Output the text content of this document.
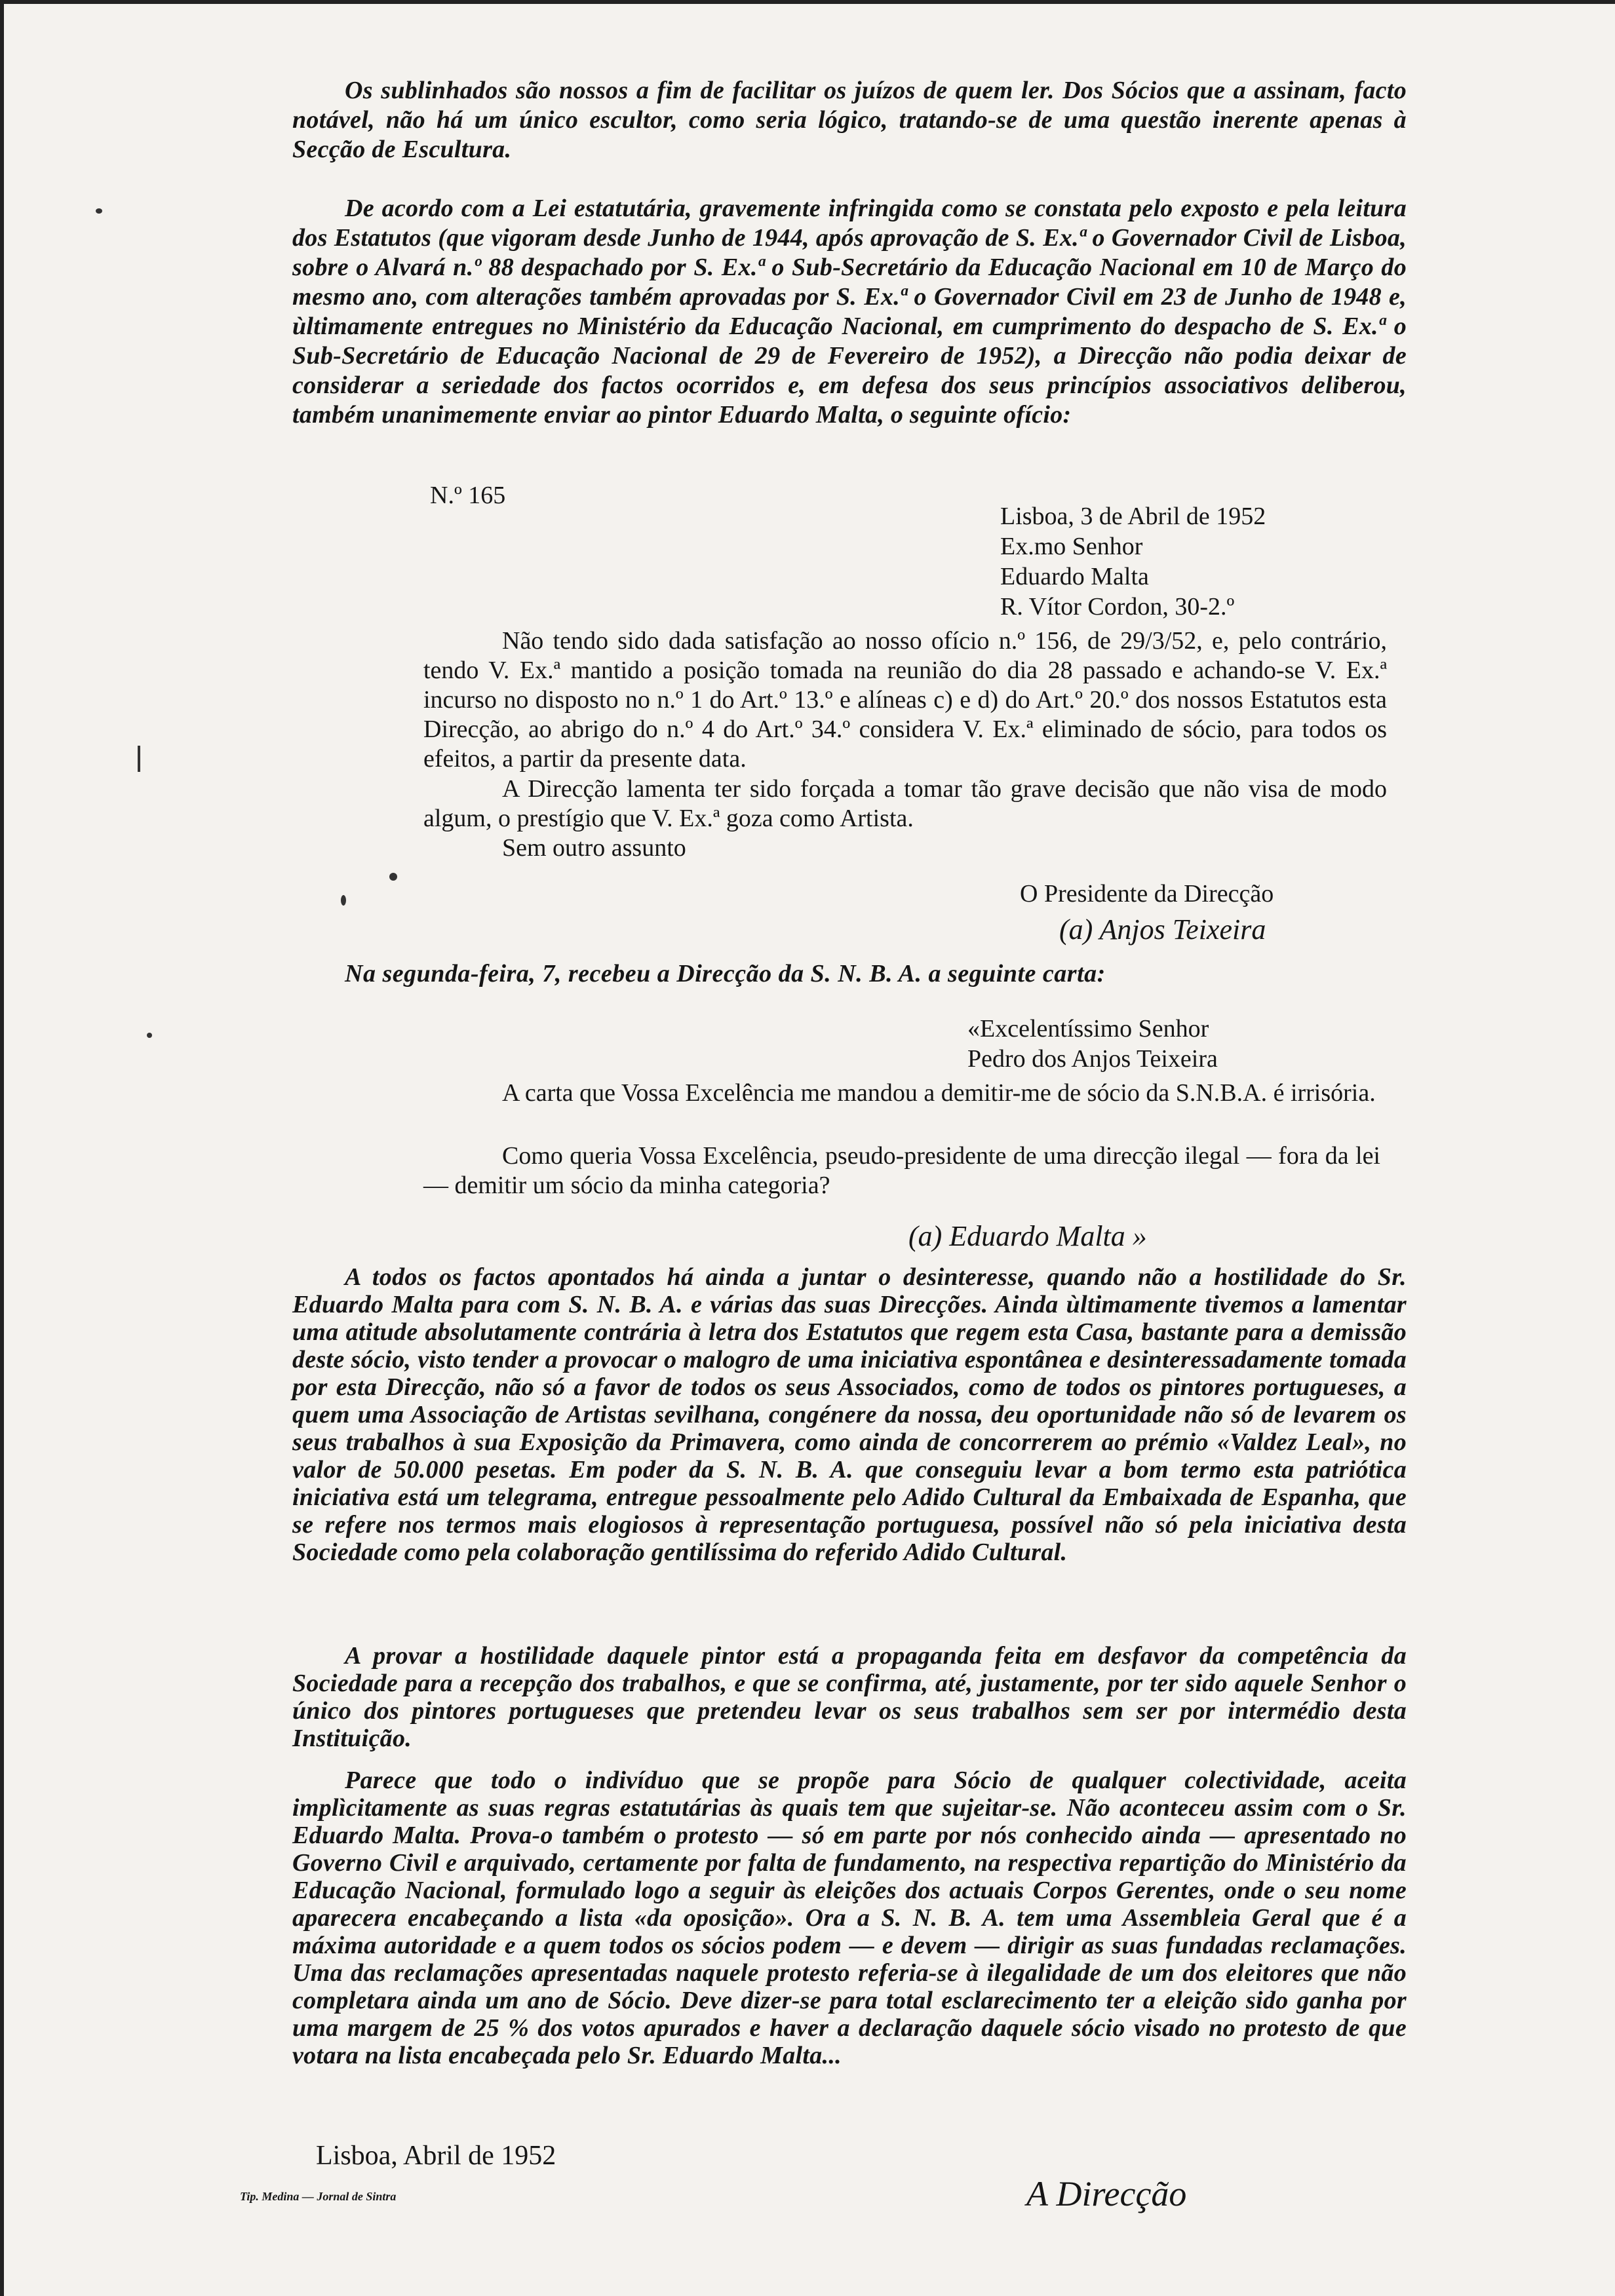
Os sublinhados são nossos a fim de facilitar os juízos de quem ler. Dos Sócios que a assinam, facto notável, não há um único escultor, como seria lógico, tratando-se de uma questão inerente apenas à Secção de Escultura.

De acordo com a Lei estatutária, gravemente infringida como se constata pelo exposto e pela leitura dos Estatutos (que vigoram desde Junho de 1944, após aprovação de S. Ex.ª o Governador Civil de Lisboa, sobre o Alvará n.º 88 despachado por S. Ex.ª o Sub-Secretário da Educação Nacional em 10 de Março do mesmo ano, com alterações também aprovadas por S. Ex.ª o Governador Civil em 23 de Junho de 1948 e, ùltimamente entregues no Ministério da Educação Nacional, em cumprimento do despacho de S. Ex.ª o Sub-Secretário de Educação Nacional de 29 de Fevereiro de 1952), a Direcção não podia deixar de considerar a seriedade dos factos ocorridos e, em defesa dos seus princípios associativos deliberou, também unanimemente enviar ao pintor Eduardo Malta, o seguinte ofício:

N.º 165
Lisboa, 3 de Abril de 1952
Ex.mo Senhor
Eduardo Malta
R. Vítor Cordon, 30-2.º

Não tendo sido dada satisfação ao nosso ofício n.º 156, de 29/3/52, e, pelo contrário, tendo V. Ex.ª mantido a posição tomada na reunião do dia 28 passado e achando-se V. Ex.ª incurso no disposto no n.º 1 do Art.º 13.º e alíneas c) e d) do Art.º 20.º dos nossos Estatutos esta Direcção, ao abrigo do n.º 4 do Art.º 34.º considera V. Ex.ª eliminado de sócio, para todos os efeitos, a partir da presente data.

A Direcção lamenta ter sido forçada a tomar tão grave decisão que não visa de modo algum, o prestígio que V. Ex.ª goza como Artista.

Sem outro assunto
O Presidente da Direcção
(a) Anjos Teixeira
Na segunda-feira, 7, recebeu a Direcção da S. N. B. A. a seguinte carta:
«Excelentíssimo Senhor
Pedro dos Anjos Teixeira

A carta que Vossa Excelência me mandou a demitir-me de sócio da S.N.B.A. é irrisória.

Como queria Vossa Excelência, pseudo-presidente de uma direcção ilegal — fora da lei — demitir um sócio da minha categoria?

(a) Eduardo Malta »

A todos os factos apontados há ainda a juntar o desinteresse, quando não a hostilidade do Sr. Eduardo Malta para com S. N. B. A. e várias das suas Direcções. Ainda ùltimamente tivemos a lamentar uma atitude absolutamente contrária à letra dos Estatutos que regem esta Casa, bastante para a demissão deste sócio, visto tender a provocar o malogro de uma iniciativa espontânea e desinteressadamente tomada por esta Direcção, não só a favor de todos os seus Associados, como de todos os pintores portugueses, a quem uma Associação de Artistas sevilhana, congénere da nossa, deu oportunidade não só de levarem os seus trabalhos à sua Exposição da Primavera, como ainda de concorrerem ao prémio «Valdez Leal», no valor de 50.000 pesetas. Em poder da S. N. B. A. que conseguiu levar a bom termo esta patriótica iniciativa está um telegrama, entregue pessoalmente pelo Adido Cultural da Embaixada de Espanha, que se refere nos termos mais elogiosos à representação portuguesa, possível não só pela iniciativa desta Sociedade como pela colaboração gentilíssima do referido Adido Cultural.

A provar a hostilidade daquele pintor está a propaganda feita em desfavor da competência da Sociedade para a recepção dos trabalhos, e que se confirma, até, justamente, por ter sido aquele Senhor o único dos pintores portugueses que pretendeu levar os seus trabalhos sem ser por intermédio desta Instituição.

Parece que todo o indivíduo que se propõe para Sócio de qualquer colectividade, aceita implìcitamente as suas regras estatutárias às quais tem que sujeitar-se. Não aconteceu assim com o Sr. Eduardo Malta. Prova-o também o protesto — só em parte por nós conhecido ainda — apresentado no Governo Civil e arquivado, certamente por falta de fundamento, na respectiva repartição do Ministério da Educação Nacional, formulado logo a seguir às eleições dos actuais Corpos Gerentes, onde o seu nome aparecera encabeçando a lista «da oposição». Ora a S. N. B. A. tem uma Assembleia Geral que é a máxima autoridade e a quem todos os sócios podem — e devem — dirigir as suas fundadas reclamações. Uma das reclamações apresentadas naquele protesto referia-se à ilegalidade de um dos eleitores que não completara ainda um ano de Sócio. Deve dizer-se para total esclarecimento ter a eleição sido ganha por uma margem de 25 % dos votos apurados e haver a declaração daquele sócio visado no protesto de que votara na lista encabeçada pelo Sr. Eduardo Malta...

Lisboa, Abril de 1952
Tip. Medina — Jornal de Sintra	A Direcção
